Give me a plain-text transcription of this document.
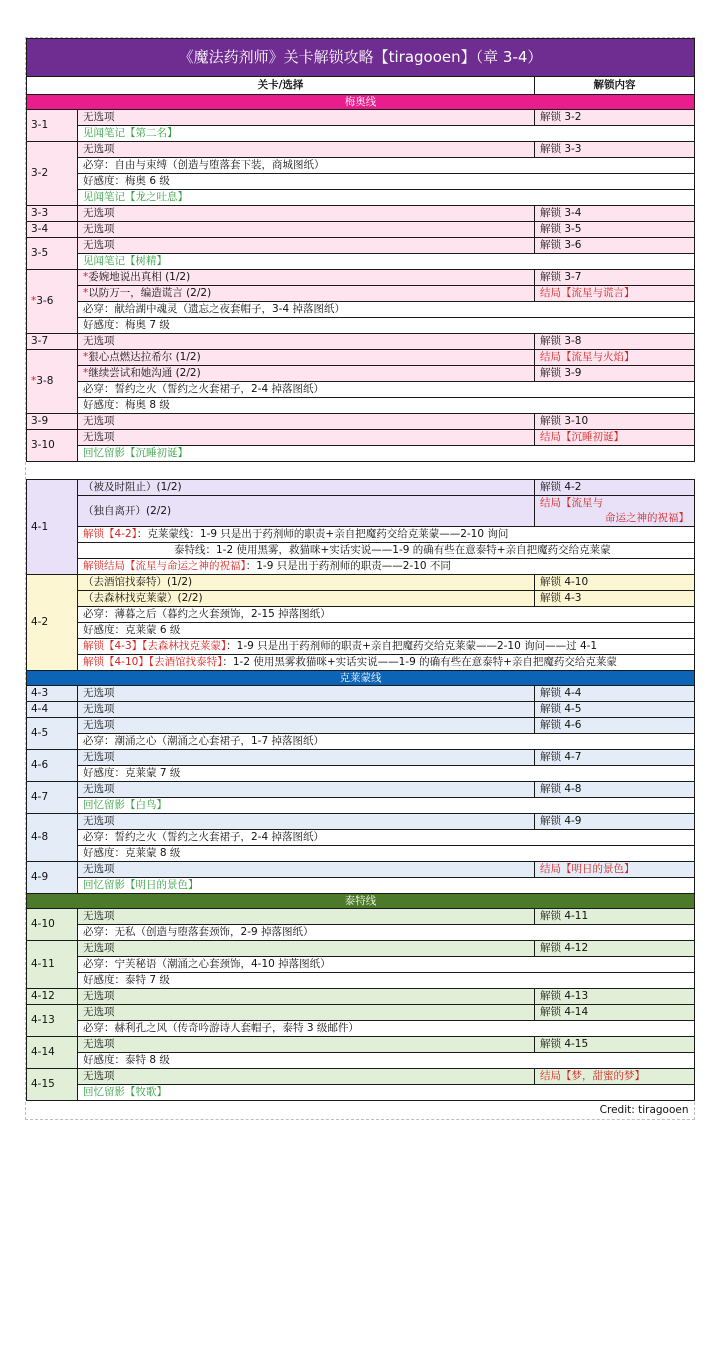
《魔法药剂师》关卡解锁攻略【tiragooen】（章 3-4）		
关卡/选择		解锁内容
梅奥线		
3-1	无选项	解锁 3-2
	见闻笔记【第二名】	
3-2	无选项	解锁 3-3
	必穿：自由与束缚（创造与堕落套下装，商城图纸）	
	好感度：梅奥 6 级	
	见闻笔记【龙之吐息】	
3-3	无选项	解锁 3-4
3-4	无选项	解锁 3-5
3-5	无选项	解锁 3-6
	见闻笔记【树精】	
*3-6	*委婉地说出真相 (1/2)	解锁 3-7
	*以防万一，编造谎言 (2/2)	结局【流星与谎言】
	必穿：献给湖中魂灵（遗忘之夜套帽子，3-4 掉落图纸）	
	好感度：梅奥 7 级	
3-7	无选项	解锁 3-8
*3-8	*狠心点燃达拉希尔 (1/2)	结局【流星与火焰】
	*继续尝试和她沟通 (2/2)	解锁 3-9
	必穿：誓约之火（誓约之火套裙子，2-4 掉落图纸）	
	好感度：梅奥 8 级	
3-9	无选项	解锁 3-10
3-10	无选项	结局【沉睡初诞】
	回忆留影【沉睡初诞】	

4-1	（被及时阻止）(1/2)	解锁 4-2
	（独自离开）(2/2)	结局【流星与
命运之神的祝福】

	解锁【4-2】：克莱蒙线：1-9 只是出于药剂师的职责+亲自把魔药交给克莱蒙——2-10 询问	
	泰特线：1-2 使用黑雾，救猫咪+实话实说——1-9 的确有些在意泰特+亲自把魔药交给克莱蒙	
	解锁结局【流星与命运之神的祝福】：1-9 只是出于药剂师的职责——2-10 不同	
4-2	（去酒馆找泰特）(1/2)	解锁 4-10
	（去森林找克莱蒙）(2/2)	解锁 4-3
	必穿：薄暮之后（暮约之火套颈饰，2-15 掉落图纸）	
	好感度：克莱蒙 6 级	
	解锁【4-3】【去森林找克莱蒙】：1-9 只是出于药剂师的职责+亲自把魔药交给克莱蒙——2-10 询问——过 4-1	
	解锁【4-10】【去酒馆找泰特】：1-2 使用黑雾救猫咪+实话实说——1-9 的确有些在意泰特+亲自把魔药交给克莱蒙	
克莱蒙线		
4-3	无选项	解锁 4-4
4-4	无选项	解锁 4-5
4-5	无选项	解锁 4-6
	必穿：潮涌之心（潮涌之心套裙子，1-7 掉落图纸）	
4-6	无选项	解锁 4-7
	好感度：克莱蒙 7 级	
4-7	无选项	解锁 4-8
	回忆留影【白鸟】	
4-8	无选项	解锁 4-9
	必穿：誓约之火（誓约之火套裙子，2-4 掉落图纸）	
	好感度：克莱蒙 8 级	
4-9	无选项	结局【明日的景色】
	回忆留影【明日的景色】	
泰特线		
4-10	无选项	解锁 4-11
	必穿：无私（创造与堕落套颈饰，2-9 掉落图纸）	
4-11	无选项	解锁 4-12
	必穿：宁芙秘语（潮涌之心套颈饰，4-10 掉落图纸）	
	好感度：泰特 7 级	
4-12	无选项	解锁 4-13
4-13	无选项	解锁 4-14
	必穿：赫利孔之风（传奇吟游诗人套帽子，泰特 3 级邮件）	
4-14	无选项	解锁 4-15
	好感度：泰特 8 级	
4-15	无选项	结局【梦，甜蜜的梦】
	回忆留影【牧歌】	
Credit: tiragooen		
